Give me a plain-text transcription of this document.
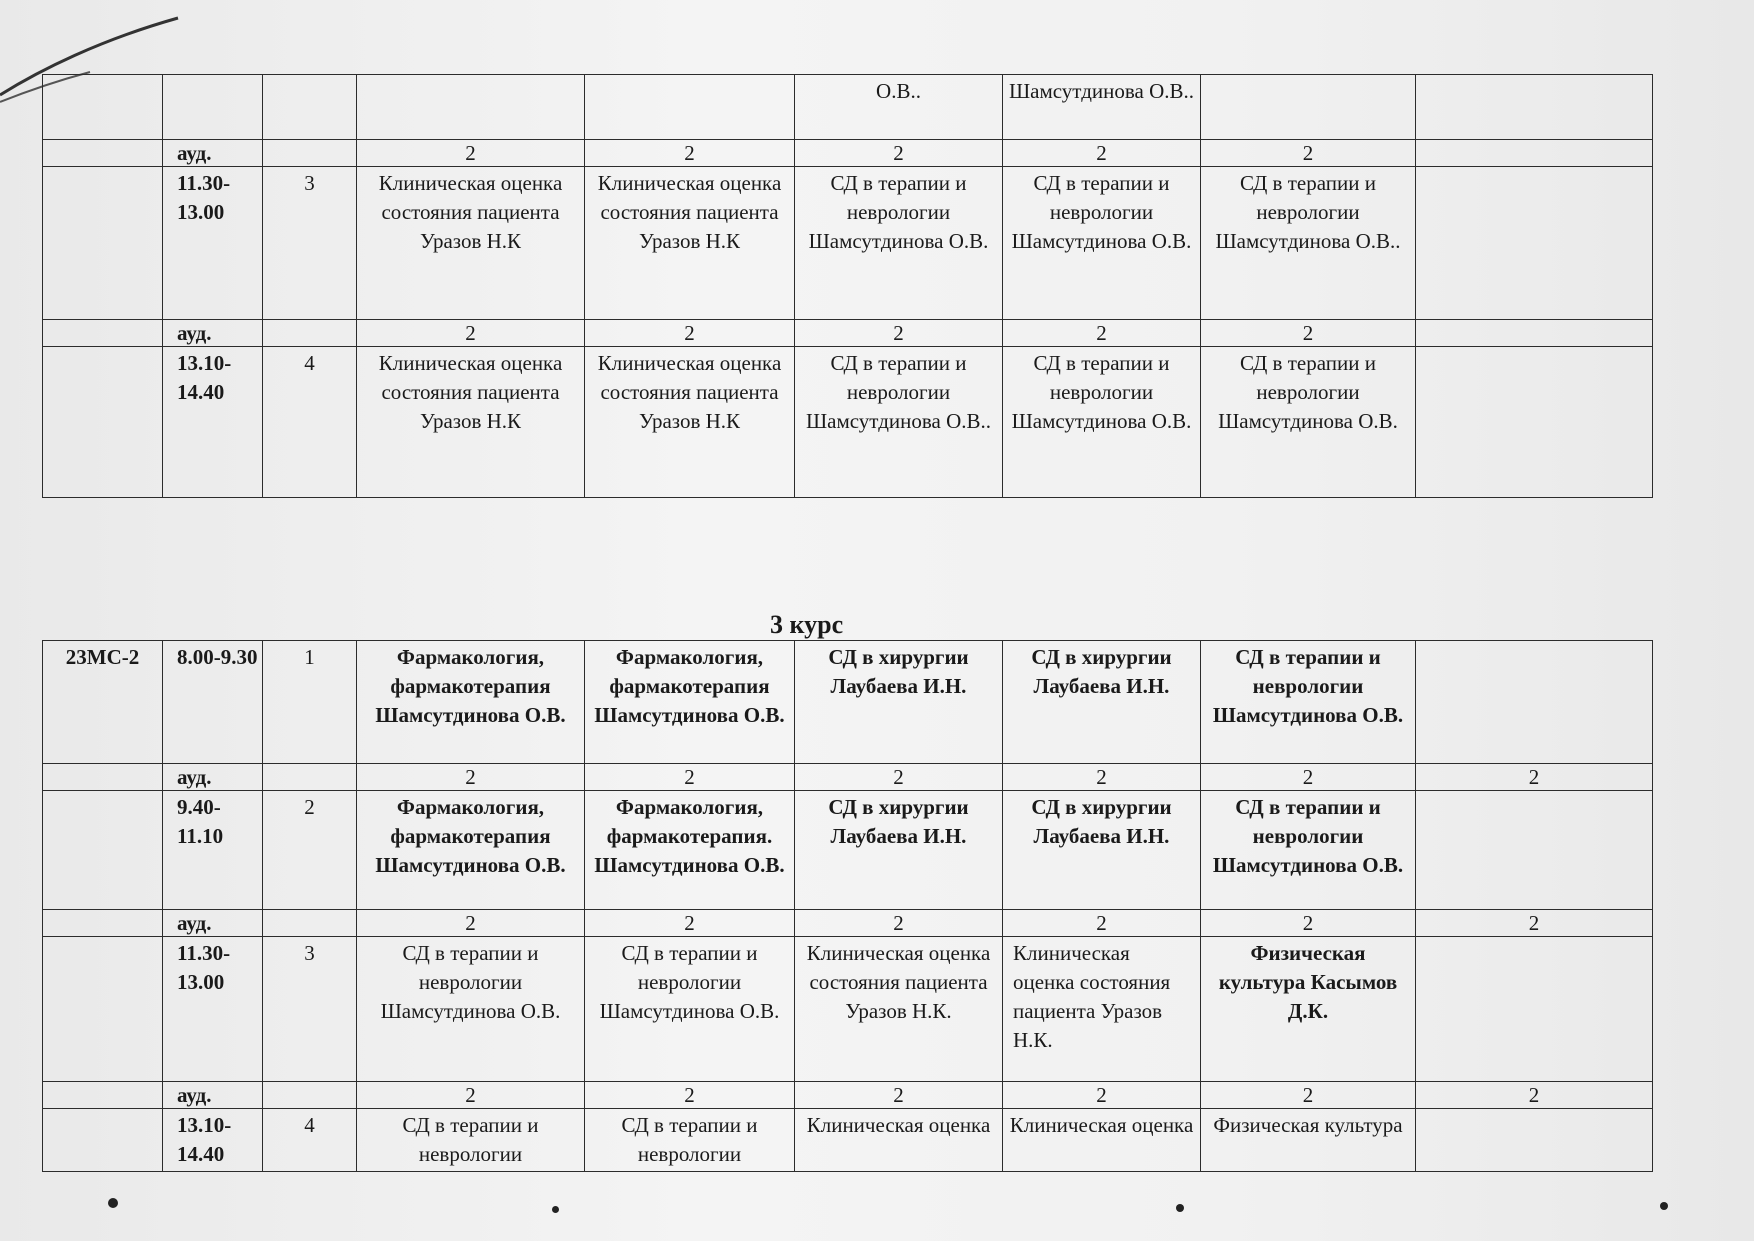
					О.В..	Шамсутдинова О.В..		
	ауд.		2	2	2	2	2	
	11.30-13.00	3	Клиническая оценка состояния пациента Уразов Н.К	Клиническая оценка состояния пациента Уразов Н.К	СД в терапии и неврологии Шамсутдинова О.В.	СД в терапии и неврологии Шамсутдинова О.В.	СД в терапии и неврологии Шамсутдинова О.В..	
	ауд.		2	2	2	2	2	
	13.10-14.40	4	Клиническая оценка состояния пациента Уразов Н.К	Клиническая оценка состояния пациента Уразов Н.К	СД в терапии и неврологии Шамсутдинова О.В..	СД в терапии и неврологии Шамсутдинова О.В.	СД в терапии и неврологии Шамсутдинова О.В.	
3 курс
23МС-2	8.00-9.30	1	Фармакология, фармакотерапия Шамсутдинова О.В.	Фармакология, фармакотерапия Шамсутдинова О.В.	СД в хирургии Лаубаева И.Н.	СД в хирургии Лаубаева И.Н.	СД в терапии и неврологии Шамсутдинова О.В.	
	ауд.		2	2	2	2	2	2
	9.40-11.10	2	Фармакология, фармакотерапия Шамсутдинова О.В.	Фармакология, фармакотерапия. Шамсутдинова О.В.	СД в хирургии Лаубаева И.Н.	СД в хирургии Лаубаева И.Н.	СД в терапии и неврологии Шамсутдинова О.В.	
	ауд.		2	2	2	2	2	2
	11.30-13.00	3	СД в терапии и неврологии Шамсутдинова О.В.	СД в терапии и неврологии Шамсутдинова О.В.	Клиническая оценка состояния пациента Уразов Н.К.	Клиническая оценка состояния пациента Уразов Н.К.	Физическая культура Касымов Д.К.	
	ауд.		2	2	2	2	2	2
	13.10-14.40	4	СД в терапии и неврологии	СД в терапии и неврологии	Клиническая оценка	Клиническая оценка	Физическая культура	
